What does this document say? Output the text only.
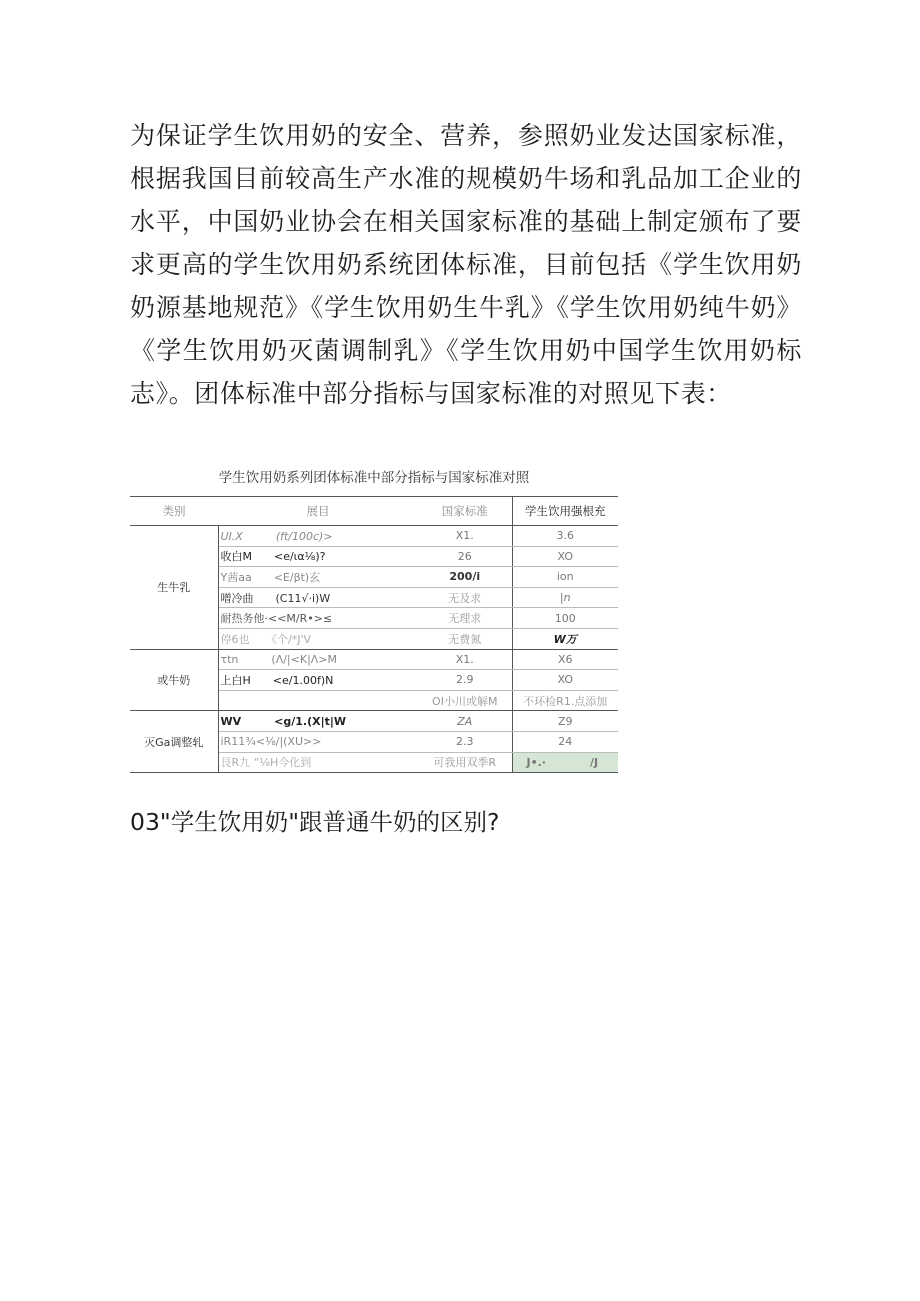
为保证学生饮用奶的安全、营养，参照奶业发达国家标准，根据我国目前较高生产水准的规模奶牛场和乳品加工企业的水平，中国奶业协会在相关国家标准的基础上制定颁布了要求更高的学生饮用奶系统团体标准，目前包括《学生饮用奶奶源基地规范》《学生饮用奶生牛乳》《学生饮用奶纯牛奶》《学生饮用奶灭菌调制乳》《学生饮用奶中国学生饮用奶标志》。团体标准中部分指标与国家标准的对照见下表：

学生饮用奶系列团体标准中部分指标与国家标准对照
类别	展目	国家标准	学生饮用强根充
生牛乳	UI.X　　　(ft/100c)>	X1.	3.6
	收白M　　<e/ια⅛)?	26	XO
	Y茜aa　　<E/βt)玄	200/i	ion
	噌冷曲　　(C11√·i)W	无及求	|n
	耐热务他·<<M/R•>≤	无理求	100
	停6也　　《个/*J'V	无费氮	W万
或牛奶	τtn　　　(Λ/|<K|Λ>M	X1.	X6
	上白H　　<e/1.00f)N	2.9	XO
		OI小川或解M	不环检R1.点添加
灭Ga调整轧	WV　　　<g/1.(X|t|W	ZA	Z9
	iR11¾<⅛/|(XU>>	2.3	24
	艮R九 “⅛H今化到	可我用双季R	J•.·　　　　/J
03"学生饮用奶"跟普通牛奶的区别?
